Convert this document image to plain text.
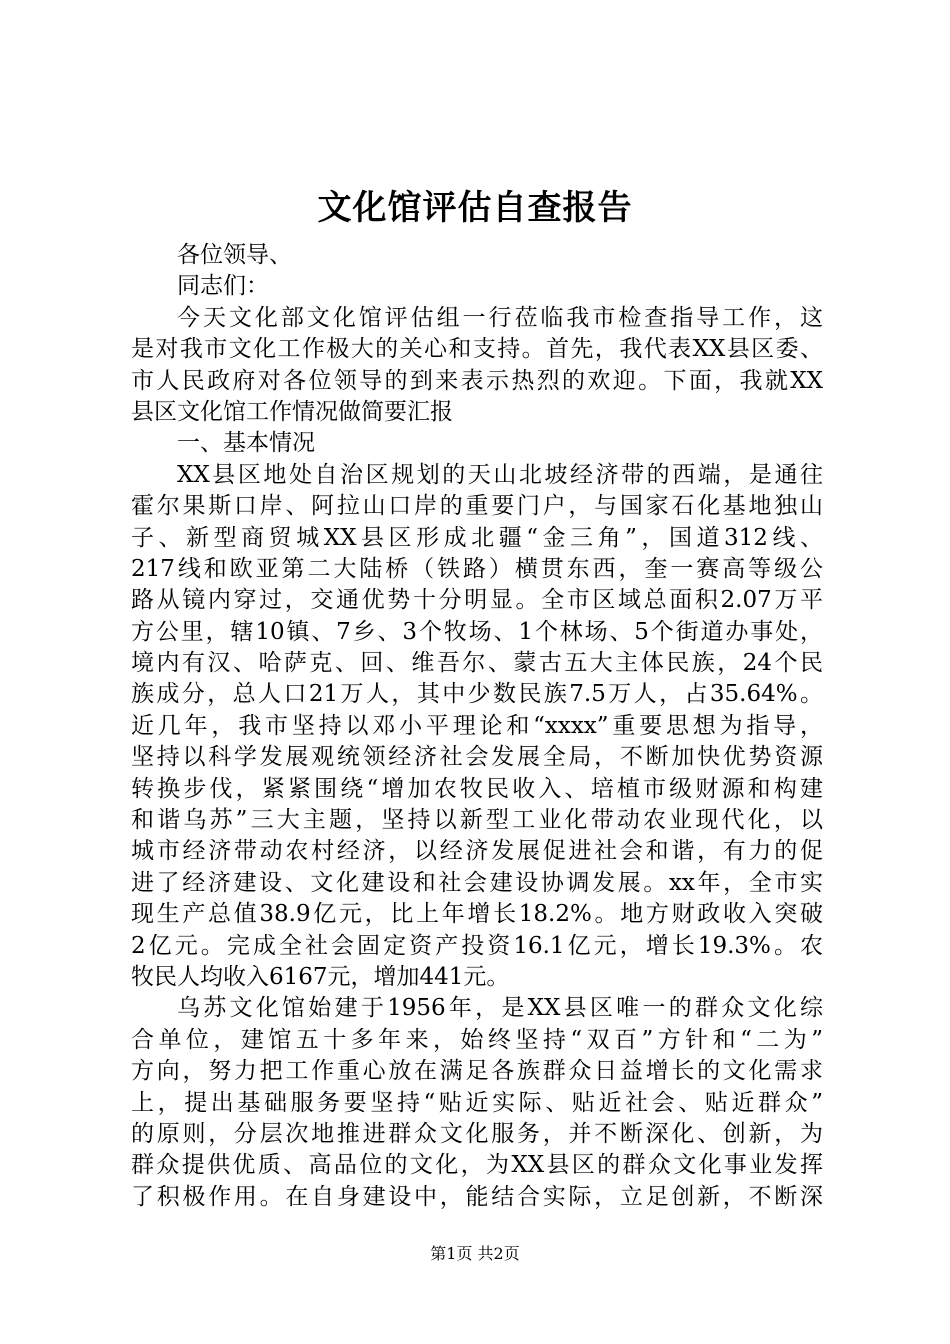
文化馆评估自查报告
各位领导、
同志们：
今天文化部文化馆评估组一行莅临我市检查指导工作，这
是对我市文化工作极大的关心和支持。首先，我代表XX县区委、
市人民政府对各位领导的到来表示热烈的欢迎。下面，我就XX
县区文化馆工作情况做简要汇报
一、基本情况
XX县区地处自治区规划的天山北坡经济带的西端，是通往
霍尔果斯口岸、阿拉山口岸的重要门户，与国家石化基地独山
子、新型商贸城XX县区形成北疆“金三角”，国道312线、
217线和欧亚第二大陆桥（铁路）横贯东西，奎一赛高等级公
路从镜内穿过，交通优势十分明显。全市区域总面积2.07万平
方公里，辖10镇、7乡、3个牧场、1个林场、5个街道办事处，
境内有汉、哈萨克、回、维吾尔、蒙古五大主体民族，24个民
族成分，总人口21万人，其中少数民族7.5万人，占35.64%。
近几年，我市坚持以邓小平理论和“xxxx”重要思想为指导，
坚持以科学发展观统领经济社会发展全局，不断加快优势资源
转换步伐，紧紧围绕“增加农牧民收入、培植市级财源和构建
和谐乌苏”三大主题，坚持以新型工业化带动农业现代化，以
城市经济带动农村经济，以经济发展促进社会和谐，有力的促
进了经济建设、文化建设和社会建设协调发展。xx年，全市实
现生产总值38.9亿元，比上年增长18.2%。地方财政收入突破
2亿元。完成全社会固定资产投资16.1亿元，增长19.3%。农
牧民人均收入6167元，增加441元。
乌苏文化馆始建于1956年，是XX县区唯一的群众文化综
合单位，建馆五十多年来，始终坚持“双百”方针和“二为”
方向，努力把工作重心放在满足各族群众日益增长的文化需求
上，提出基础服务要坚持“贴近实际、贴近社会、贴近群众”
的原则，分层次地推进群众文化服务，并不断深化、创新，为
群众提供优质、高品位的文化，为XX县区的群众文化事业发挥
了积极作用。在自身建设中，能结合实际，立足创新，不断深
第1页 共2页
